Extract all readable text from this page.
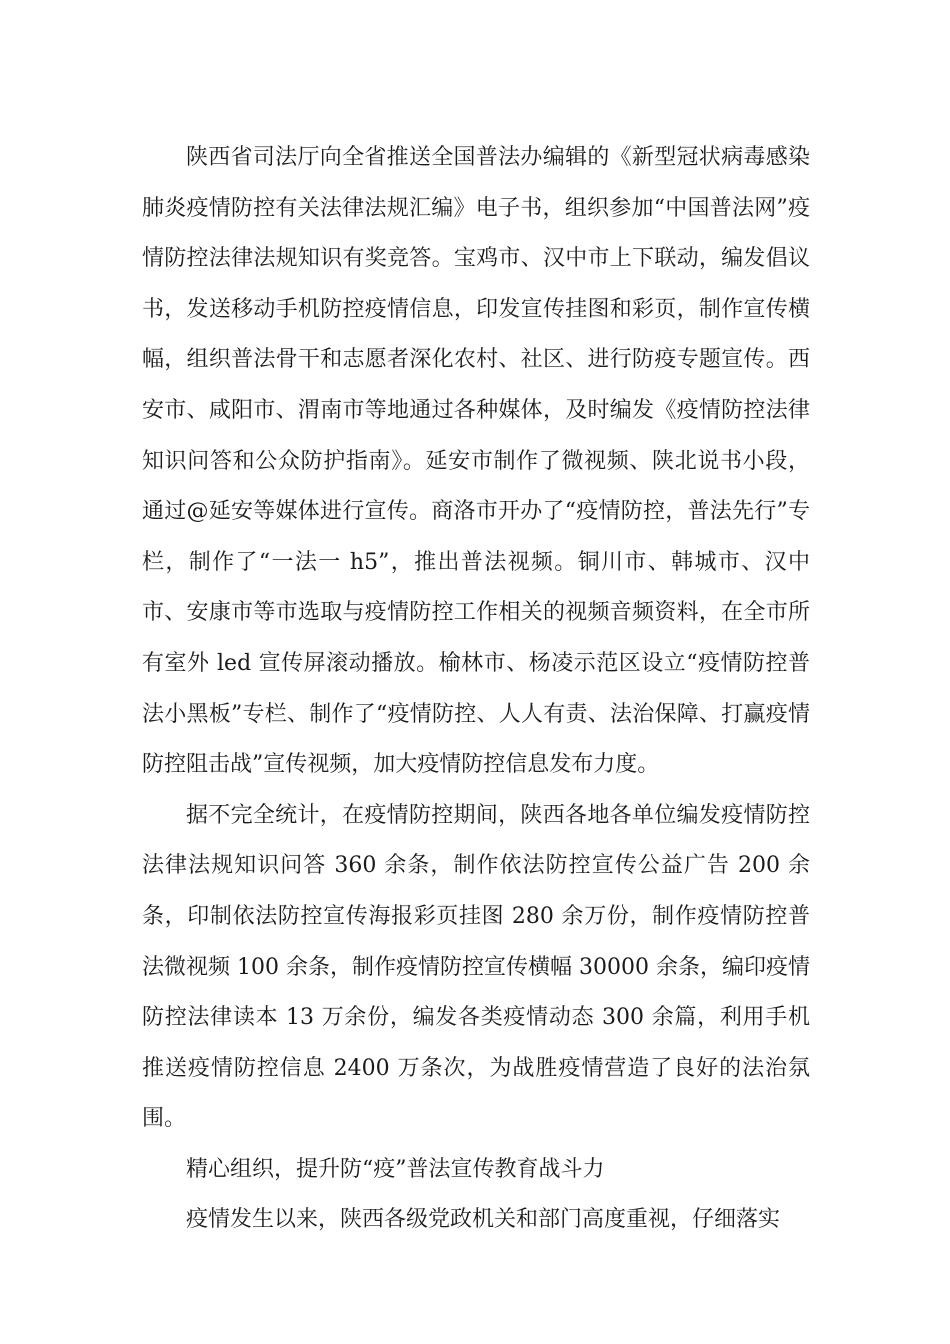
陕西省司法厅向全省推送全国普法办编辑的《新型冠状病毒感染肺炎疫情防控有关法律法规汇编》电子书，组织参加“中国普法网”疫情防控法律法规知识有奖竞答。宝鸡市、汉中市上下联动，编发倡议书，发送移动手机防控疫情信息，印发宣传挂图和彩页，制作宣传横幅，组织普法骨干和志愿者深化农村、社区、进行防疫专题宣传。西安市、咸阳市、渭南市等地通过各种媒体，及时编发《疫情防控法律知识问答和公众防护指南》。延安市制作了微视频、陕北说书小段，通过@延安等媒体进行宣传。商洛市开办了“疫情防控，普法先行”专栏，制作了“一法一 h5”，推出普法视频。铜川市、韩城市、汉中市、安康市等市选取与疫情防控工作相关的视频音频资料，在全市所有室外 led 宣传屏滚动播放。榆林市、杨凌示范区设立“疫情防控普法小黑板”专栏、制作了“疫情防控、人人有责、法治保障、打赢疫情防控阻击战”宣传视频，加大疫情防控信息发布力度。

据不完全统计，在疫情防控期间，陕西各地各单位编发疫情防控法律法规知识问答 360 余条，制作依法防控宣传公益广告 200 余条，印制依法防控宣传海报彩页挂图 280 余万份，制作疫情防控普法微视频 100 余条，制作疫情防控宣传横幅 30000 余条，编印疫情防控法律读本 13 万余份，编发各类疫情动态 300 余篇，利用手机推送疫情防控信息 2400 万条次，为战胜疫情营造了良好的法治氛围。

精心组织，提升防“疫”普法宣传教育战斗力

疫情发生以来，陕西各级党政机关和部门高度重视，仔细落实
